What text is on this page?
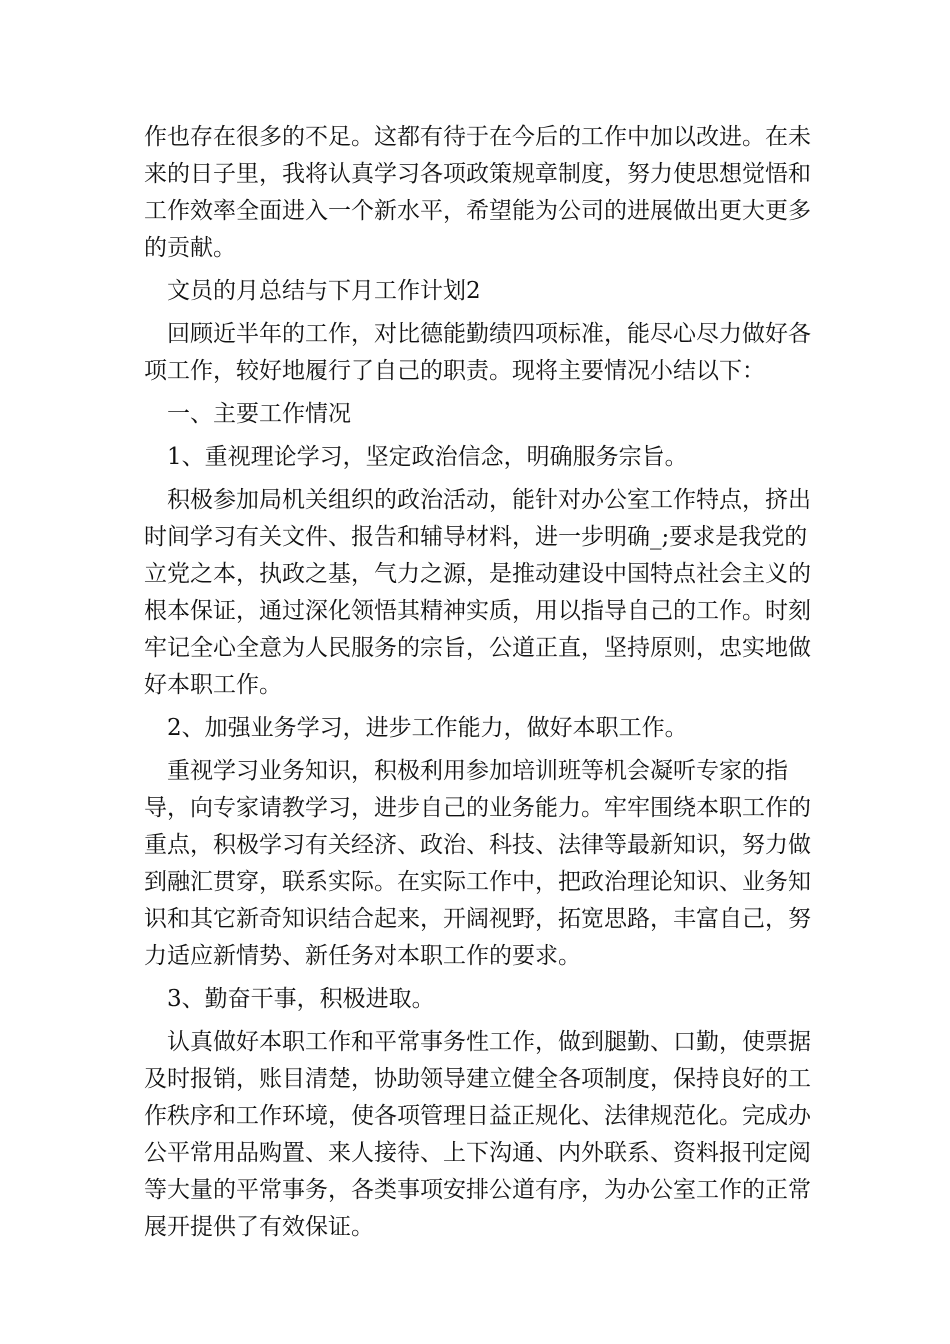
作也存在很多的不足。这都有待于在今后的工作中加以改进。在未来的日子里，我将认真学习各项政策规章制度，努力使思想觉悟和工作效率全面进入一个新水平，希望能为公司的进展做出更大更多的贡献。

文员的月总结与下月工作计划2

回顾近半年的工作，对比德能勤绩四项标准，能尽心尽力做好各项工作，较好地履行了自己的职责。现将主要情况小结以下：

一、主要工作情况

1、重视理论学习，坚定政治信念，明确服务宗旨。

积极参加局机关组织的政治活动，能针对办公室工作特点，挤出时间学习有关文件、报告和辅导材料，进一步明确_;要求是我党的立党之本，执政之基，气力之源，是推动建设中国特点社会主义的根本保证，通过深化领悟其精神实质，用以指导自己的工作。时刻牢记全心全意为人民服务的宗旨，公道正直，坚持原则，忠实地做好本职工作。

2、加强业务学习，进步工作能力，做好本职工作。

重视学习业务知识，积极利用参加培训班等机会凝听专家的指导，向专家请教学习，进步自己的业务能力。牢牢围绕本职工作的重点，积极学习有关经济、政治、科技、法律等最新知识，努力做到融汇贯穿，联系实际。在实际工作中，把政治理论知识、业务知识和其它新奇知识结合起来，开阔视野，拓宽思路，丰富自己，努力适应新情势、新任务对本职工作的要求。

3、勤奋干事，积极进取。

认真做好本职工作和平常事务性工作，做到腿勤、口勤，使票据及时报销，账目清楚，协助领导建立健全各项制度，保持良好的工作秩序和工作环境，使各项管理日益正规化、法律规范化。完成办公平常用品购置、来人接待、上下沟通、内外联系、资料报刊定阅等大量的平常事务，各类事项安排公道有序，为办公室工作的正常展开提供了有效保证。
